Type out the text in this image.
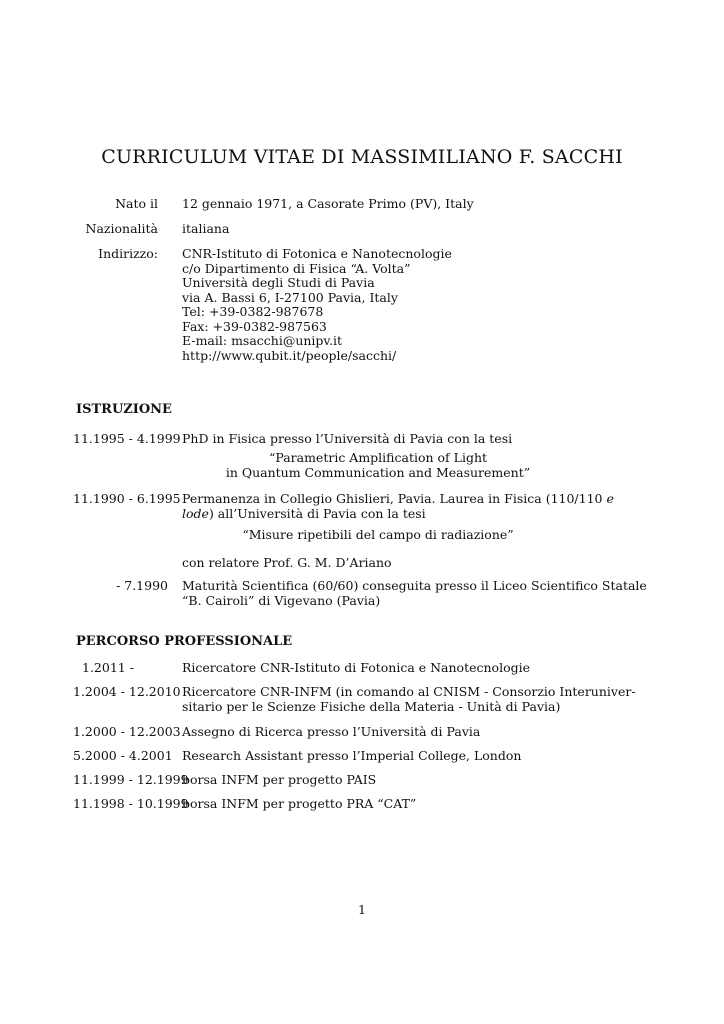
CURRICULUM VITAE DI MASSIMILIANO F. SACCHI
Nato il 12 gennaio 1971, a Casorate Primo (PV), Italy
Nazionalità italiana
Indirizzo: CNR-Istituto di Fotonica e Nanotecnologie
c/o Dipartimento di Fisica “A. Volta”
Università degli Studi di Pavia
via A. Bassi 6, I-27100 Pavia, Italy
Tel: +39-0382-987678
Fax: +39-0382-987563
E-mail: msacchi@unipv.it
http://www.qubit.it/people/sacchi/
ISTRUZIONE
11.1995 - 4.1999 PhD in Fisica presso l’Università di Pavia con la tesi
“Parametric Amplification of Light
in Quantum Communication and Measurement”
11.1990 - 6.1995 Permanenza in Collegio Ghislieri, Pavia. Laurea in Fisica (110/110 e
lode) all’Università di Pavia con la tesi
“Misure ripetibili del campo di radiazione”
con relatore Prof. G. M. D’Ariano
- 7.1990 Maturità Scientifica (60/60) conseguita presso il Liceo Scientifico Statale
“B. Cairoli” di Vigevano (Pavia)
PERCORSO PROFESSIONALE
1.2011 -	Ricercatore CNR-Istituto di Fotonica e Nanotecnologie
1.2004 - 12.2010 Ricercatore CNR-INFM (in comando al CNISM - Consorzio Interuniver-
sitario per le Scienze Fisiche della Materia - Unità di Pavia)
1.2000 - 12.2003 Assegno di Ricerca presso l’Università di Pavia
5.2000 - 4.2001 Research Assistant presso l’Imperial College, London
11.1999 - 12.1999
borsa INFM per progetto PAIS
11.1998 - 10.1999
borsa INFM per progetto PRA “CAT”
1
